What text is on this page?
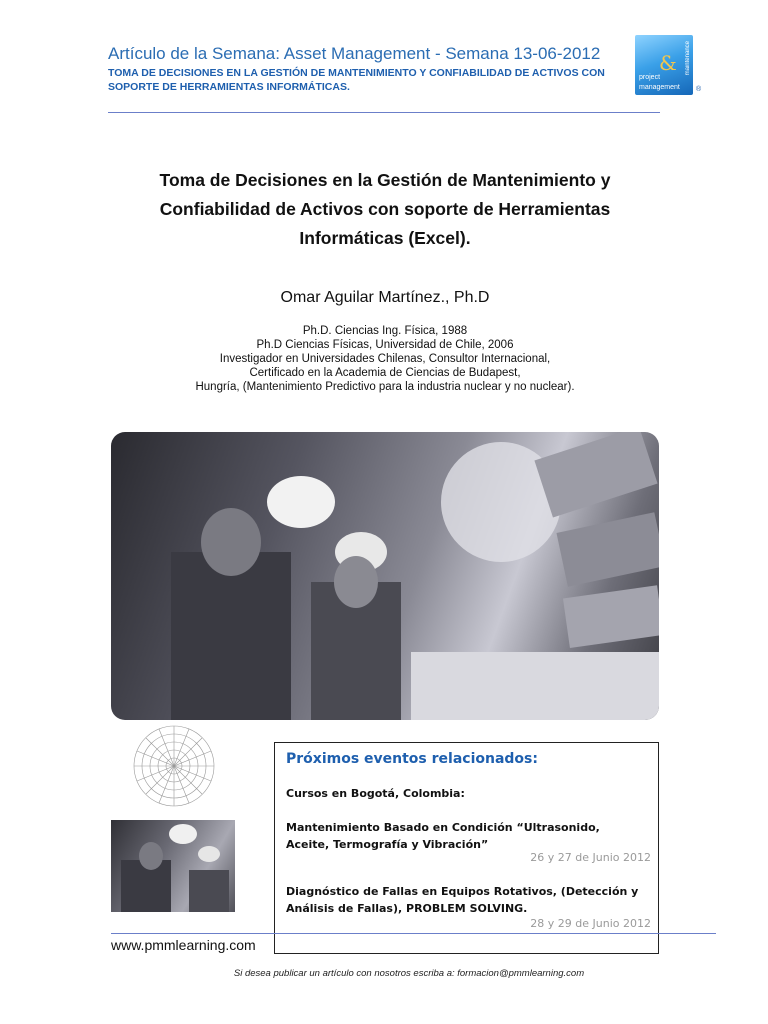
Artículo de la Semana: Asset Management - Semana 13-06-2012
TOMA DE DECISIONES EN LA GESTIÓN DE MANTENIMIENTO Y CONFIABILIDAD DE ACTIVOS CON SOPORTE DE HERRAMIENTAS INFORMÁTICAS.
maintenance
&
project
management ®
Toma de Decisiones en la Gestión de Mantenimiento y Confiabilidad de Activos con soporte de Herramientas Informáticas (Excel).
Omar Aguilar Martínez., Ph.D
Ph.D. Ciencias Ing. Física, 1988
Ph.D Ciencias Físicas, Universidad de Chile, 2006
Investigador en Universidades Chilenas, Consultor Internacional,
Certificado en la Academia de Ciencias de Budapest,
Hungría, (Mantenimiento Predictivo para la industria nuclear y no nuclear).
Próximos eventos relacionados:
Cursos en Bogotá, Colombia:
Mantenimiento Basado en Condición “Ultrasonido, Aceite, Termografía y Vibración”
26 y 27 de Junio 2012
Diagnóstico de Fallas en Equipos Rotativos, (Detección y Análisis de Fallas), PROBLEM SOLVING.
28 y 29 de Junio 2012
www.pmmlearning.com
Si desea publicar un artículo con nosotros escriba a: formacion@pmmlearning.com
